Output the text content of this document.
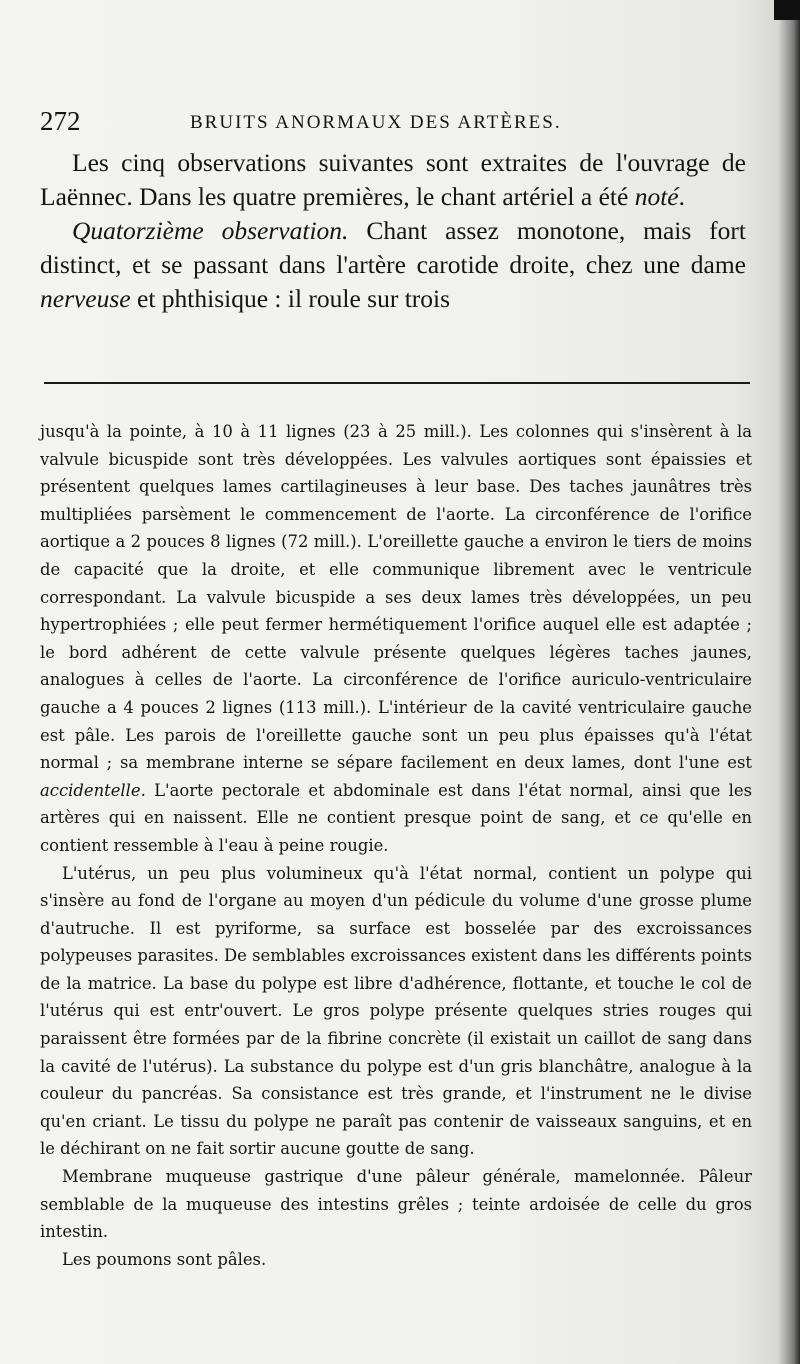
272	BRUITS ANORMAUX DES ARTÈRES.

Les cinq observations suivantes sont extraites de l'ouvrage de Laënnec. Dans les quatre premières, le chant artériel a été noté.

Quatorzième observation. Chant assez monotone, mais fort distinct, et se passant dans l'artère carotide droite, chez une dame nerveuse et phthisique : il roule sur trois

jusqu'à la pointe, à 10 à 11 lignes (23 à 25 mill.). Les colonnes qui s'insèrent à la valvule bicuspide sont très développées. Les valvules aortiques sont épaissies et présentent quelques lames cartilagineuses à leur base. Des taches jaunâtres très multipliées parsèment le commencement de l'aorte. La circonférence de l'orifice aortique a 2 pouces 8 lignes (72 mill.). L'oreillette gauche a environ le tiers de moins de capacité que la droite, et elle communique librement avec le ventricule correspondant. La valvule bicuspide a ses deux lames très développées, un peu hypertrophiées ; elle peut fermer hermétiquement l'orifice auquel elle est adaptée ; le bord adhérent de cette valvule présente quelques légères taches jaunes, analogues à celles de l'aorte. La circonférence de l'orifice auriculo-ventriculaire gauche a 4 pouces 2 lignes (113 mill.). L'intérieur de la cavité ventriculaire gauche est pâle. Les parois de l'oreillette gauche sont un peu plus épaisses qu'à l'état normal ; sa membrane interne se sépare facilement en deux lames, dont l'une est accidentelle. L'aorte pectorale et abdominale est dans l'état normal, ainsi que les artères qui en naissent. Elle ne contient presque point de sang, et ce qu'elle en contient ressemble à l'eau à peine rougie.

L'utérus, un peu plus volumineux qu'à l'état normal, contient un polype qui s'insère au fond de l'organe au moyen d'un pédicule du volume d'une grosse plume d'autruche. Il est pyriforme, sa surface est bosselée par des excroissances polypeuses parasites. De semblables excroissances existent dans les différents points de la matrice. La base du polype est libre d'adhérence, flottante, et touche le col de l'utérus qui est entr'ouvert. Le gros polype présente quelques stries rouges qui paraissent être formées par de la fibrine concrète (il existait un caillot de sang dans la cavité de l'utérus). La substance du polype est d'un gris blanchâtre, analogue à la couleur du pancréas. Sa consistance est très grande, et l'instrument ne le divise qu'en criant. Le tissu du polype ne paraît pas contenir de vaisseaux sanguins, et en le déchirant on ne fait sortir aucune goutte de sang.

Membrane muqueuse gastrique d'une pâleur générale, mamelonnée. Pâleur semblable de la muqueuse des intestins grêles ; teinte ardoisée de celle du gros intestin.

Les poumons sont pâles.
